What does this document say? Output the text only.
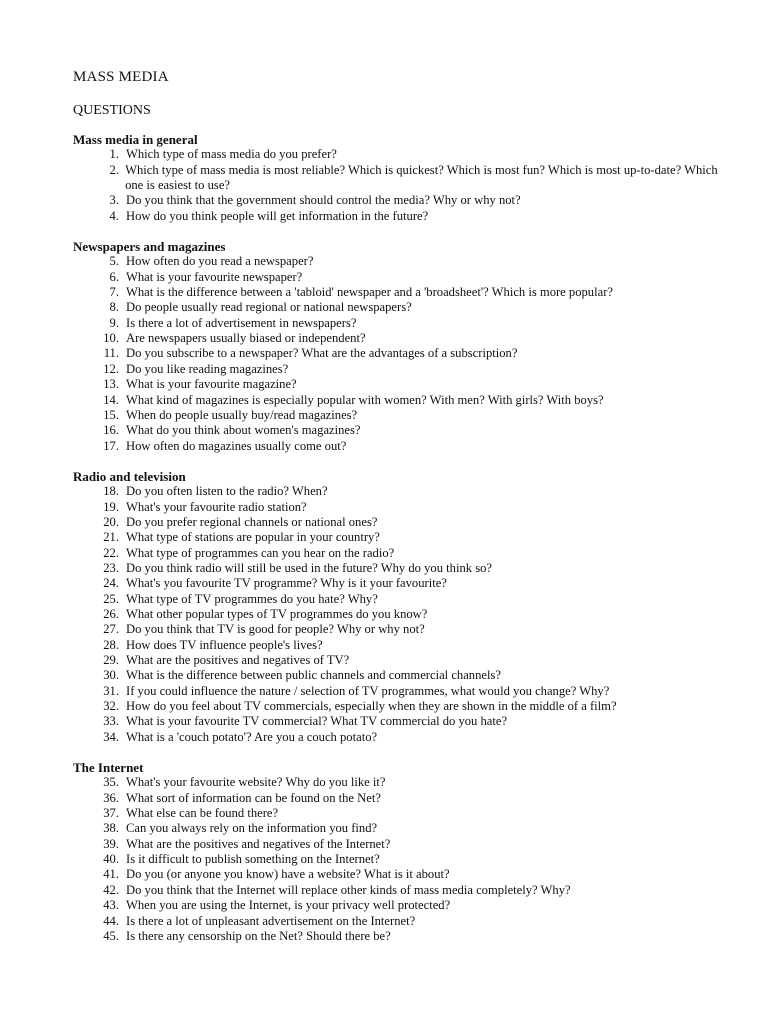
MASS MEDIA
QUESTIONS
Mass media in general
1. Which type of mass media do you prefer?
2. Which type of mass media is most reliable? Which is quickest? Which is most fun? Which is most up-to-date? Which one is easiest to use?
3. Do you think that the government should control the media? Why or why not?
4. How do you think people will get information in the future?
Newspapers and magazines
5. How often do you read a newspaper?
6. What is your favourite newspaper?
7. What is the difference between a 'tabloid' newspaper and a 'broadsheet'? Which is more popular?
8. Do people usually read regional or national newspapers?
9. Is there a lot of advertisement in newspapers?
10. Are newspapers usually biased or independent?
11. Do you subscribe to a newspaper? What are the advantages of a subscription?
12. Do you like reading magazines?
13. What is your favourite magazine?
14. What kind of magazines is especially popular with women? With men? With girls? With boys?
15. When do people usually buy/read magazines?
16. What do you think about women's magazines?
17. How often do magazines usually come out?
Radio and television
18. Do you often listen to the radio? When?
19. What's your favourite radio station?
20. Do you prefer regional channels or national ones?
21. What type of stations are popular in your country?
22. What type of programmes can you hear on the radio?
23. Do you think radio will still be used in the future? Why do you think so?
24. What's you favourite TV programme? Why is it your favourite?
25. What type of TV programmes do you hate? Why?
26. What other popular types of TV programmes do you know?
27. Do you think that TV is good for people? Why or why not?
28. How does TV influence people's lives?
29. What are the positives and negatives of TV?
30. What is the difference between public channels and commercial channels?
31. If you could influence the nature / selection of TV programmes, what would you change? Why?
32. How do you feel about TV commercials, especially when they are shown in the middle of a film?
33. What is your favourite TV commercial? What TV commercial do you hate?
34. What is a 'couch potato'? Are you a couch potato?
The Internet
35. What's your favourite website? Why do you like it?
36. What sort of information can be found on the Net?
37. What else can be found there?
38. Can you always rely on the information you find?
39. What are the positives and negatives of the Internet?
40. Is it difficult to publish something on the Internet?
41. Do you (or anyone you know) have a website? What is it about?
42. Do you think that the Internet will replace other kinds of mass media completely? Why?
43. When you are using the Internet, is your privacy well protected?
44. Is there a lot of unpleasant advertisement on the Internet?
45. Is there any censorship on the Net? Should there be?
